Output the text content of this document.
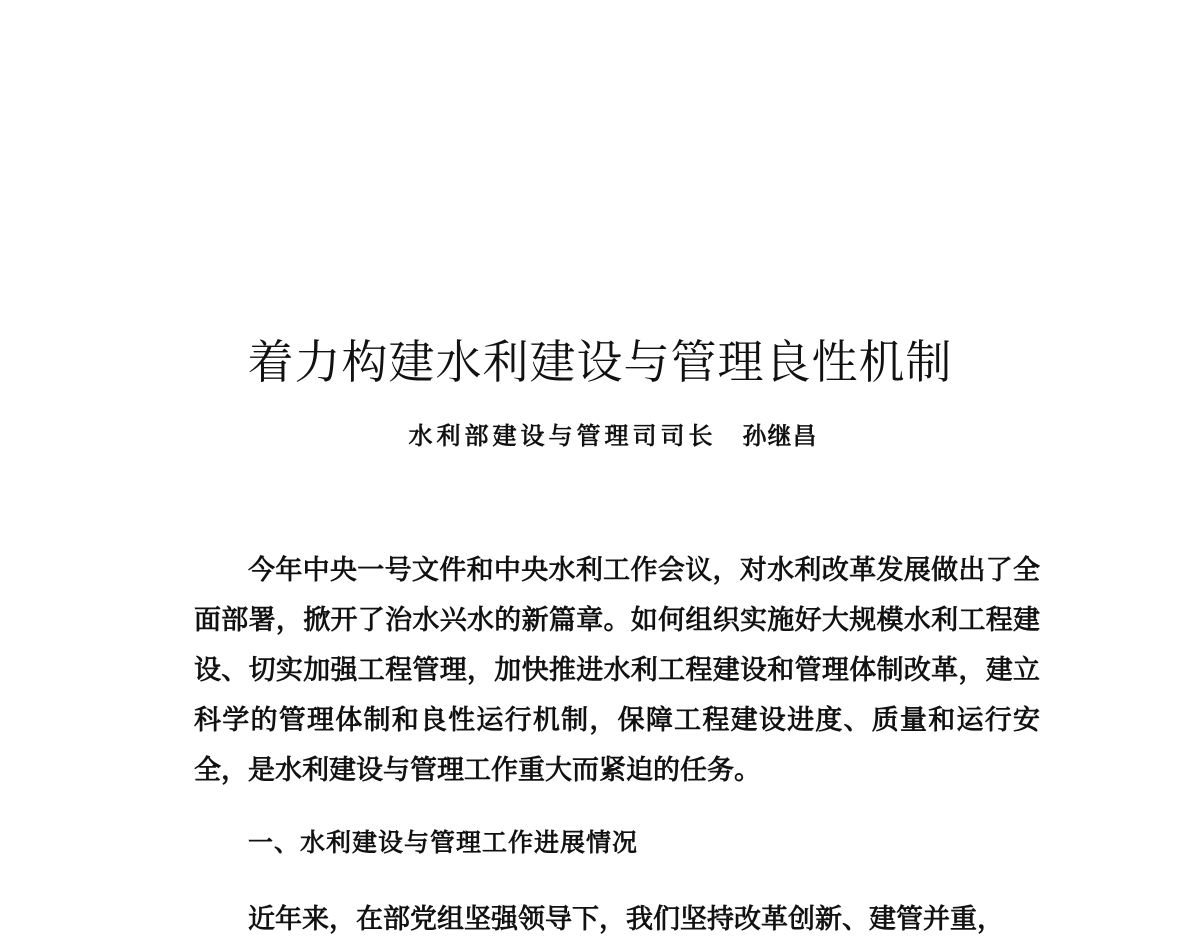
着力构建水利建设与管理良性机制
水利部建设与管理司司长 孙继昌

今年中央一号文件和中央水利工作会议，对水利改革发展做出了全面部署，掀开了治水兴水的新篇章。如何组织实施好大规模水利工程建设、切实加强工程管理，加快推进水利工程建设和管理体制改革，建立科学的管理体制和良性运行机制，保障工程建设进度、质量和运行安全，是水利建设与管理工作重大而紧迫的任务。

一、水利建设与管理工作进展情况

近年来，在部党组坚强领导下，我们坚持改革创新、建管并重，
